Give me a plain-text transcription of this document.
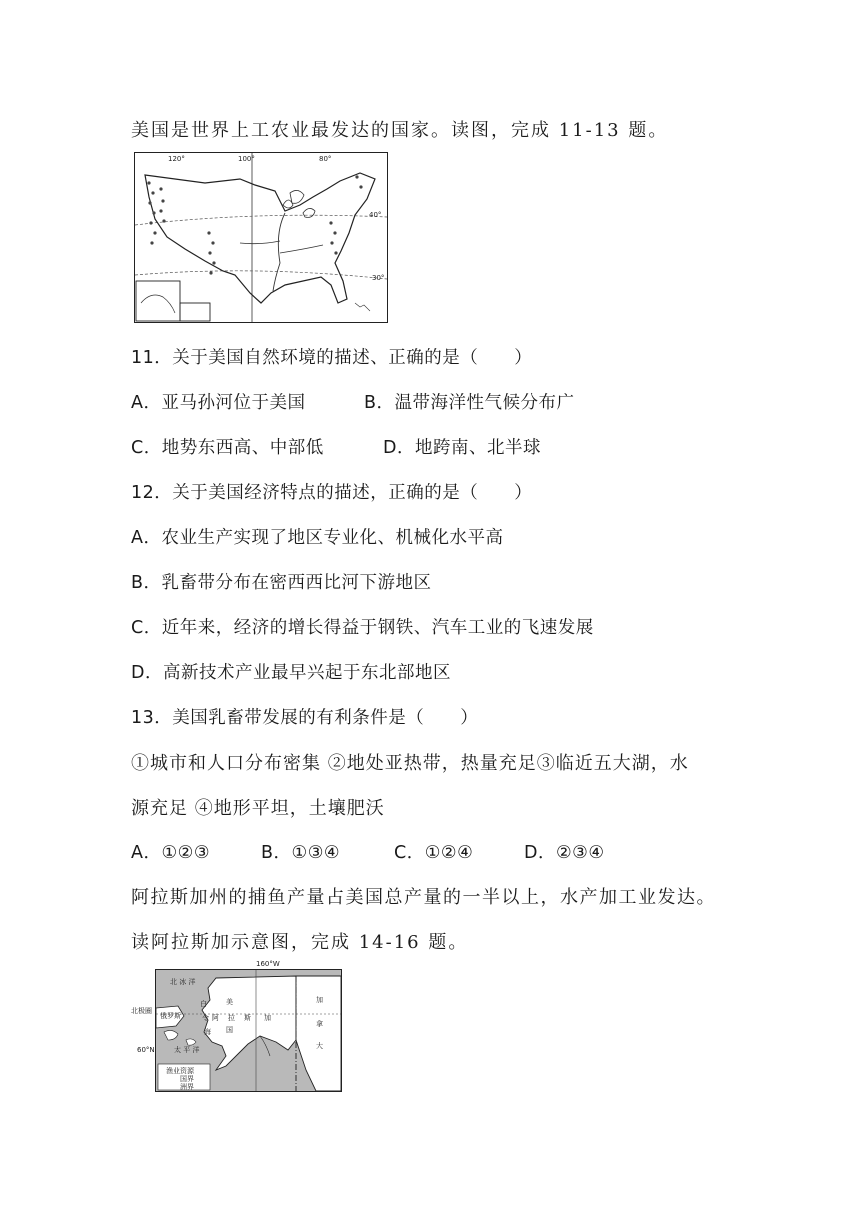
美国是世界上工农业最发达的国家。读图，完成 11-13 题。
120°	100°	80°
40°
30°
11．关于美国自然环境的描述、正确的是（　　）
A．亚马孙河位于美国	B．温带海洋性气候分布广
C．地势东西高、中部低	D．地跨南、北半球
12．关于美国经济特点的描述，正确的是（　　）
A．农业生产实现了地区专业化、机械化水平高
B．乳畜带分布在密西西比河下游地区
C．近年来，经济的增长得益于钢铁、汽车工业的飞速发展
D．高新技术产业最早兴起于东北部地区
13．美国乳畜带发展的有利条件是（　　）
①城市和人口分布密集 ②地处亚热带，热量充足③临近五大湖，水
源充足 ④地形平坦，土壤肥沃
A．①②③	B．①③④	C．①②④	D．②③④
阿拉斯加州的捕鱼产量占美国总产量的一半以上，水产加工业发达。
读阿拉斯加示意图，完成 14-16 题。
北 冰 洋
俄罗斯
太 平 洋
白
令
海
美
国
阿 拉 斯 加
加
拿
大
渔业资源
国界
洲界
160°W
北极圈
60°N
